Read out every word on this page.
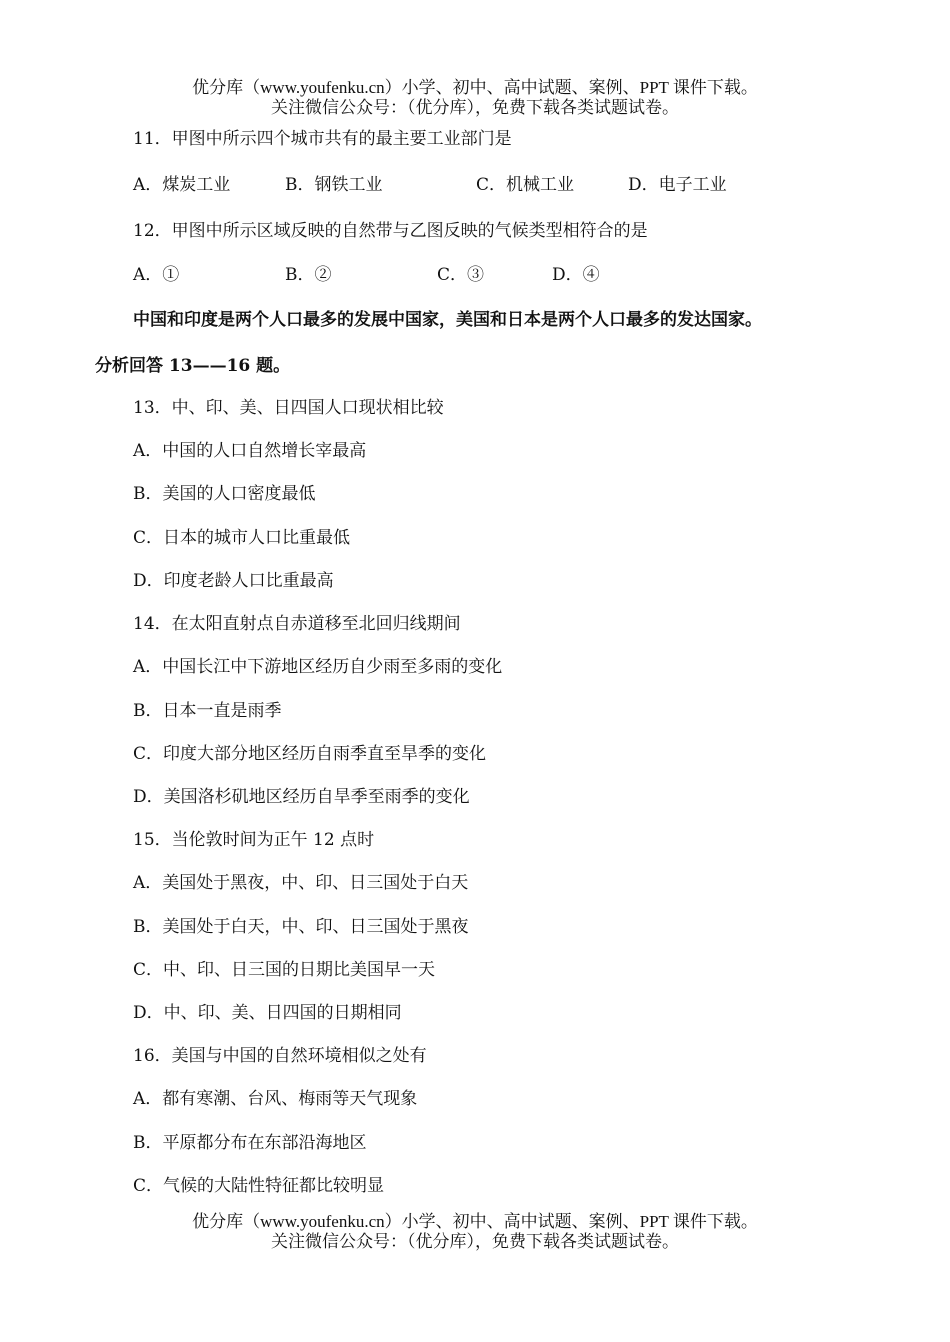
优分库（www.youfenku.cn）小学、初中、高中试题、案例、PPT 课件下载。
关注微信公众号：（优分库），免费下载各类试题试卷。
11．甲图中所示四个城市共有的最主要工业部门是
A．煤炭工业	B．钢铁工业	C．机械工业	D．电子工业
12．甲图中所示区域反映的自然带与乙图反映的气候类型相符合的是
A．①	B．②	C．③	D．④
中国和印度是两个人口最多的发展中国家，美国和日本是两个人口最多的发达国家。
分析回答 13——16 题。
13．中、印、美、日四国人口现状相比较
A．中国的人口自然增长宰最高
B．美国的人口密度最低
C．日本的城市人口比重最低
D．印度老龄人口比重最高
14．在太阳直射点自赤道移至北回归线期间
A．中国长江中下游地区经历自少雨至多雨的变化
B．日本一直是雨季
C．印度大部分地区经历自雨季直至旱季的变化
D．美国洛杉矶地区经历自旱季至雨季的变化
15．当伦敦时间为正午 12 点时
A．美国处于黑夜，中、印、日三国处于白天
B．美国处于白天，中、印、日三国处于黑夜
C．中、印、日三国的日期比美国早一天
D．中、印、美、日四国的日期相同
16．美国与中国的自然环境相似之处有
A．都有寒潮、台风、梅雨等天气现象
B．平原都分布在东部沿海地区
C．气候的大陆性特征都比较明显
优分库（www.youfenku.cn）小学、初中、高中试题、案例、PPT 课件下载。
关注微信公众号：（优分库），免费下载各类试题试卷。
